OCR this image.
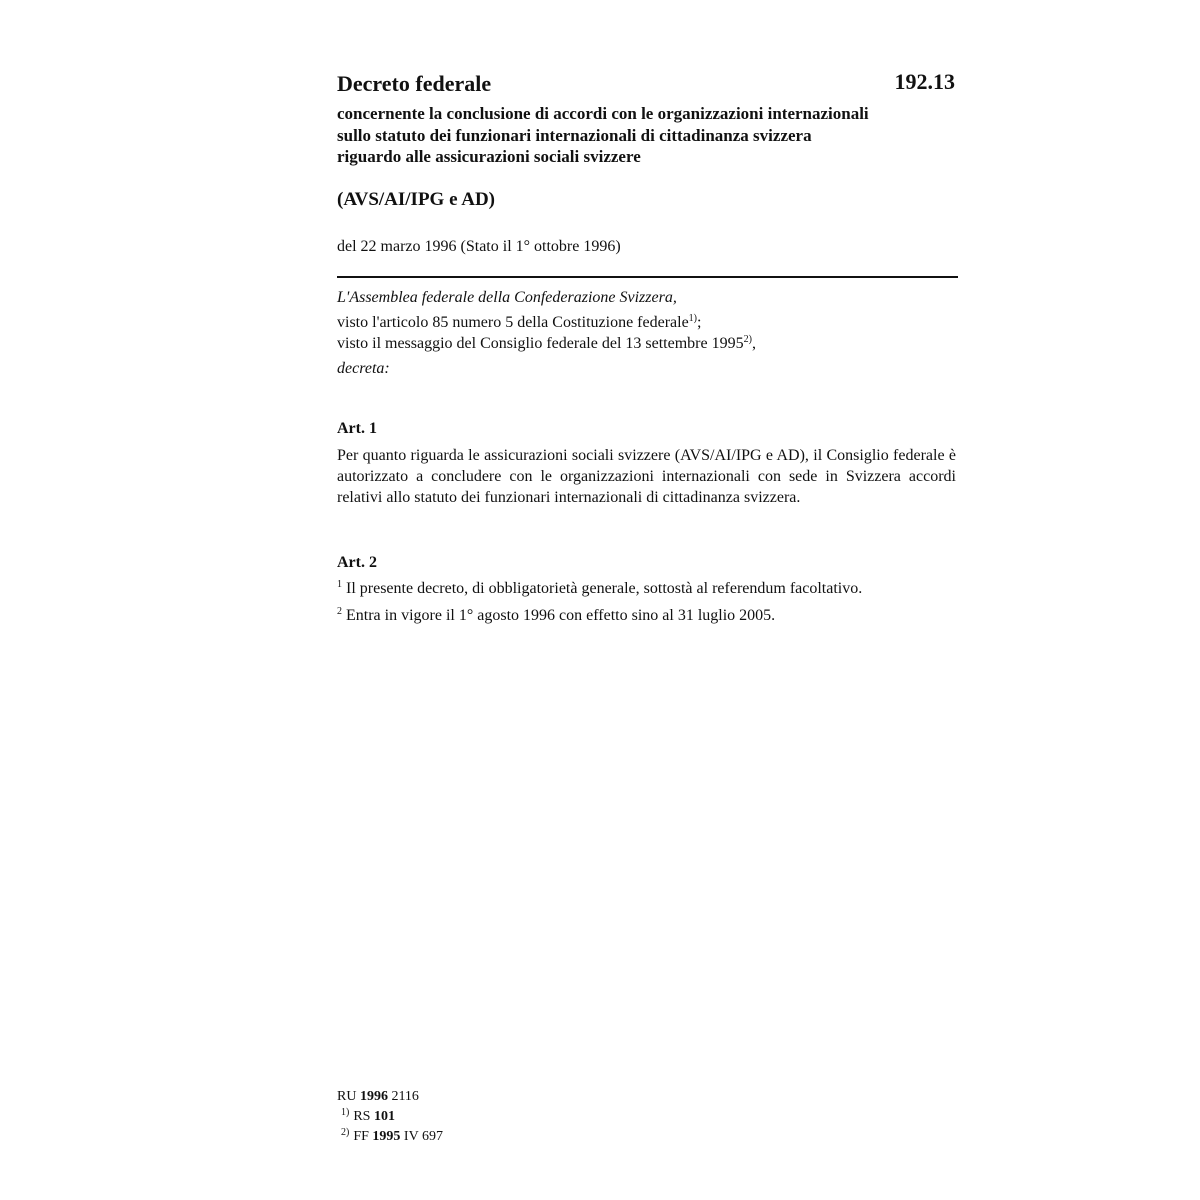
Decreto federale	192.13
concernente la conclusione di accordi con le organizzazioni internazionali sullo statuto dei funzionari internazionali di cittadinanza svizzera riguardo alle assicurazioni sociali svizzere
(AVS/AI/IPG e AD)
del 22 marzo 1996 (Stato il 1° ottobre 1996)
L'Assemblea federale della Confederazione Svizzera,
visto l'articolo 85 numero 5 della Costituzione federale$^{1)}$;
visto il messaggio del Consiglio federale del 13 settembre 1995$^{2)}$,
decreta:
Art. 1
Per quanto riguarda le assicurazioni sociali svizzere (AVS/AI/IPG e AD), il Consiglio federale è autorizzato a concludere con le organizzazioni internazionali con sede in Svizzera accordi relativi allo statuto dei funzionari internazionali di cittadinanza svizzera.
Art. 2
$^1$ Il presente decreto, di obbligatorietà generale, sottostà al referendum facoltativo.
$^2$ Entra in vigore il 1° agosto 1996 con effetto sino al 31 luglio 2005.
RU 1996 2116
$^{1)}$ RS 101
$^{2)}$ FF 1995 IV 697
